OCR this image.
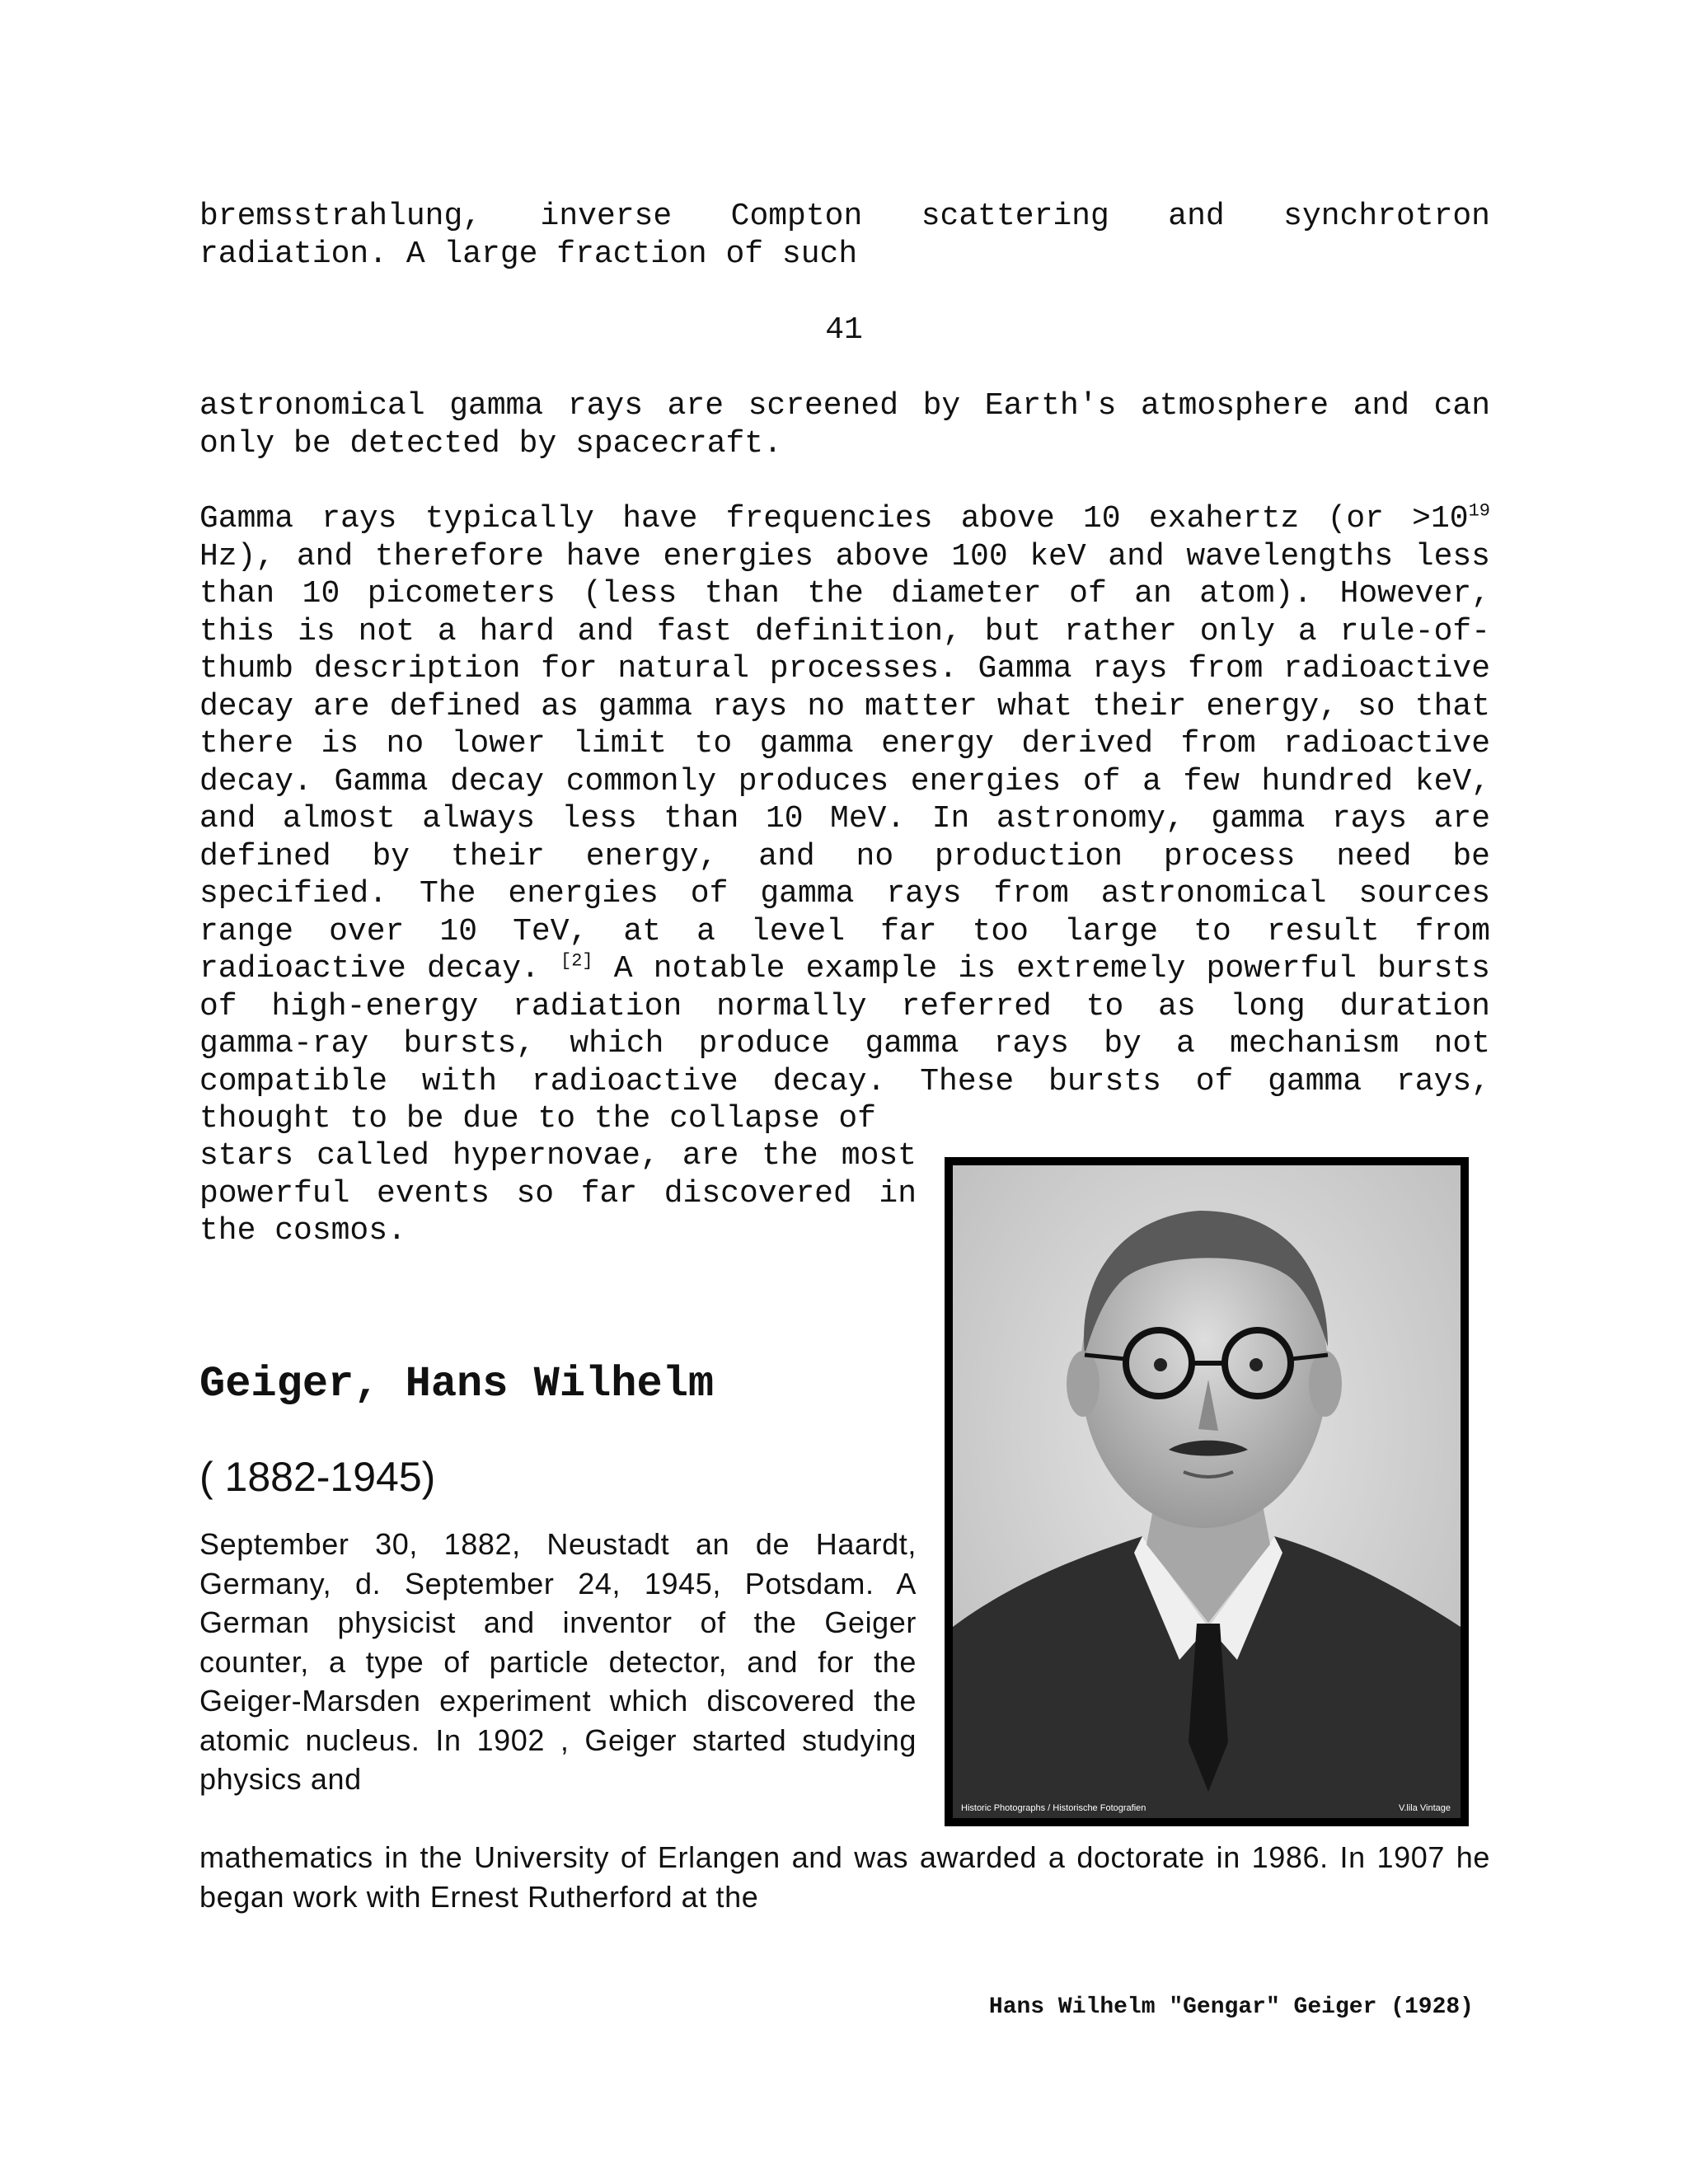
bremsstrahlung, inverse Compton scattering and synchrotron radiation. A large fraction of such

41

astronomical gamma rays are screened by Earth's atmosphere and can only be detected by spacecraft.

Gamma rays typically have frequencies above 10 exahertz ($or >10^{19}$ Hz), and therefore have energies above 100 keV and wavelengths less than 10 picometers (less than the diameter of an atom). However, this is not a hard and fast definition, but rather only a rule-of-thumb description for natural processes. Gamma rays from radioactive decay are defined as gamma rays no matter what their energy, so that there is no lower limit to gamma energy derived from radioactive decay. Gamma decay commonly produces energies of a few hundred keV, and almost always less than 10 MeV. In astronomy, gamma rays are defined by their energy, and no production process need be specified. The energies of gamma rays from astronomical sources range over 10 TeV, at a level far too large to result from radioactive decay. [2] A notable example is extremely powerful bursts of high-energy radiation normally referred to as long duration gamma-ray bursts, which produce gamma rays by a mechanism not compatible with radioactive decay. These bursts of gamma rays, thought to be due to the collapse of

stars called hypernovae, are the most powerful events so far discovered in the cosmos.

Geiger, Hans Wilhelm
( 1882-1945)

September 30, 1882, Neustadt an de Haardt, Germany, d. September 24, 1945, Potsdam. A German physicist and inventor of the Geiger counter, a type of particle detector, and for the Geiger-Marsden experiment which discovered the atomic nucleus. In 1902 , Geiger started studying physics and

mathematics in the University of Erlangen and was awarded a doctorate in 1986. In 1907 he began work with Ernest Rutherford at the

Historic Photographs / Historische Fotografien	V.lila Vintage

Hans Wilhelm "Gengar" Geiger (1928)
